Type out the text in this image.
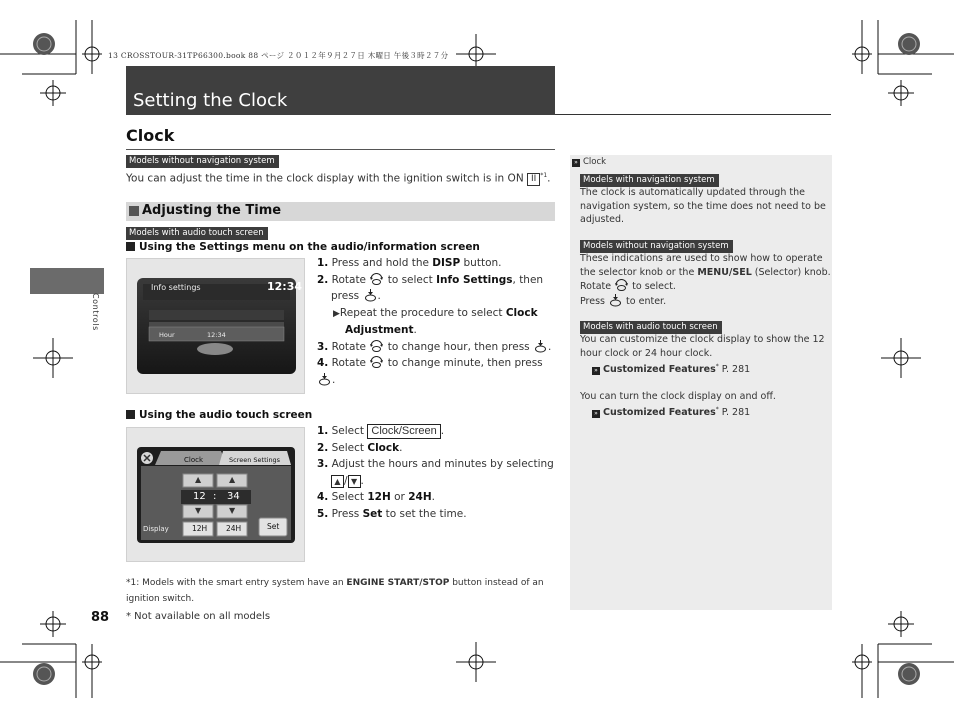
13 CROSSTOUR-31TP66300.book 88 ページ ２０１２年９月２７日 木曜日 午後３時２７分
Setting the Clock
Controls
88
Clock
Models without navigation system
You can adjust the time in the clock display with the ignition switch is in ON II $^{*1}$.
Adjusting the Time
Models with audio touch screen
Using the Settings menu on the audio/information screen
Info settings	12:34
Hour	12:34
1. Press and hold the DISP button.
2. Rotate  to select Info Settings, then
press .
▶Repeat the procedure to select Clock
Adjustment.
3. Rotate  to change hour, then press .
4. Rotate  to change minute, then press .
Using the audio touch screen
Clock	Screen Settings
▲	▲
12 : 34
▼	▼
Display	12H	24H	Set
1. Select Clock/Screen .
2. Select Clock.
3. Adjust the hours and minutes by selecting
▲ / ▼ .
4. Select 12H or 24H.
5. Press Set to set the time.
*1: Models with the smart entry system have an ENGINE START/STOP button instead of an
ignition switch.
* Not available on all models
» Clock
Models with navigation system
The clock is automatically updated through the
navigation system, so the time does not need to be
adjusted.
Models without navigation system
These indications are used to show how to operate
the selector knob or the MENU/SEL (Selector) knob.
Rotate  to select.
Press  to enter.
Models with audio touch screen
You can customize the clock display to show the 12
hour clock or 24 hour clock.
» Customized Features* P. 281
You can turn the clock display on and off.
» Customized Features* P. 281
